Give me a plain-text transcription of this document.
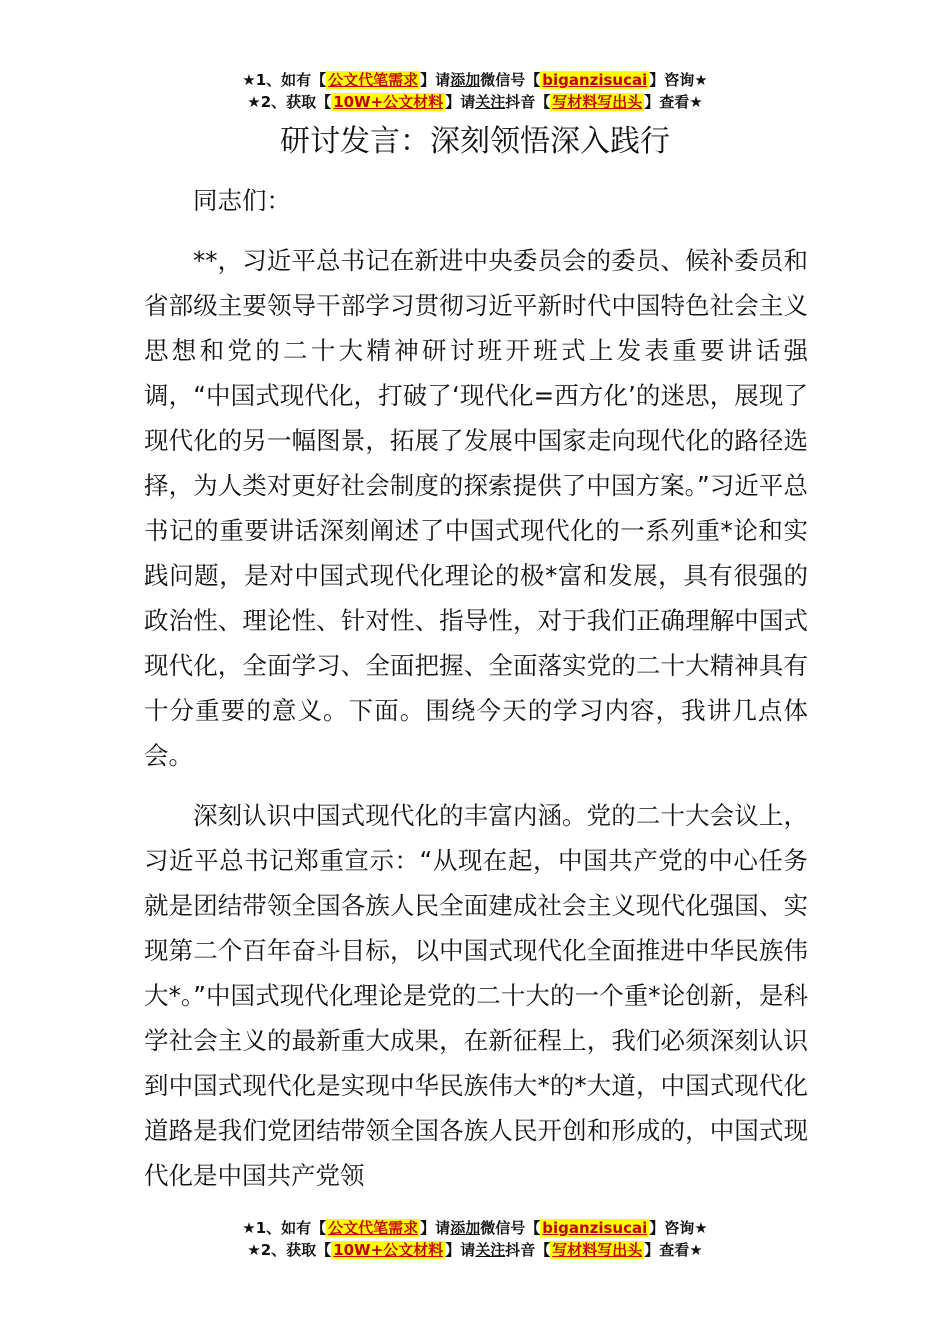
★1、如有【 公文代笔需求 】请添加微信号【 biganzisucai 】咨询★
★2、获取【 10W+公文材料 】请关注抖音【 写材料写出头 】查看★
研讨发言：深刻领悟深入践行

同志们：

**，习近平总书记在新进中央委员会的委员、候补委员和省部级主要领导干部学习贯彻习近平新时代中国特色社会主义思想和党的二十大精神研讨班开班式上发表重要讲话强调，“中国式现代化，打破了‘现代化=西方化’的迷思，展现了现代化的另一幅图景，拓展了发展中国家走向现代化的路径选择，为人类对更好社会制度的探索提供了中国方案。”习近平总书记的重要讲话深刻阐述了中国式现代化的一系列重*论和实践问题，是对中国式现代化理论的极*富和发展，具有很强的政治性、理论性、针对性、指导性，对于我们正确理解中国式现代化，全面学习、全面把握、全面落实党的二十大精神具有十分重要的意义。下面。围绕今天的学习内容，我讲几点体会。

深刻认识中国式现代化的丰富内涵。党的二十大会议上，习近平总书记郑重宣示：“从现在起，中国共产党的中心任务就是团结带领全国各族人民全面建成社会主义现代化强国、实现第二个百年奋斗目标，以中国式现代化全面推进中华民族伟大*。”中国式现代化理论是党的二十大的一个重*论创新，是科学社会主义的最新重大成果，在新征程上，我们必须深刻认识到中国式现代化是实现中华民族伟大*的*大道，中国式现代化道路是我们党团结带领全国各族人民开创和形成的，中国式现代化是中国共产党领

★1、如有【 公文代笔需求 】请添加微信号【 biganzisucai 】咨询★
★2、获取【 10W+公文材料 】请关注抖音【 写材料写出头 】查看★
